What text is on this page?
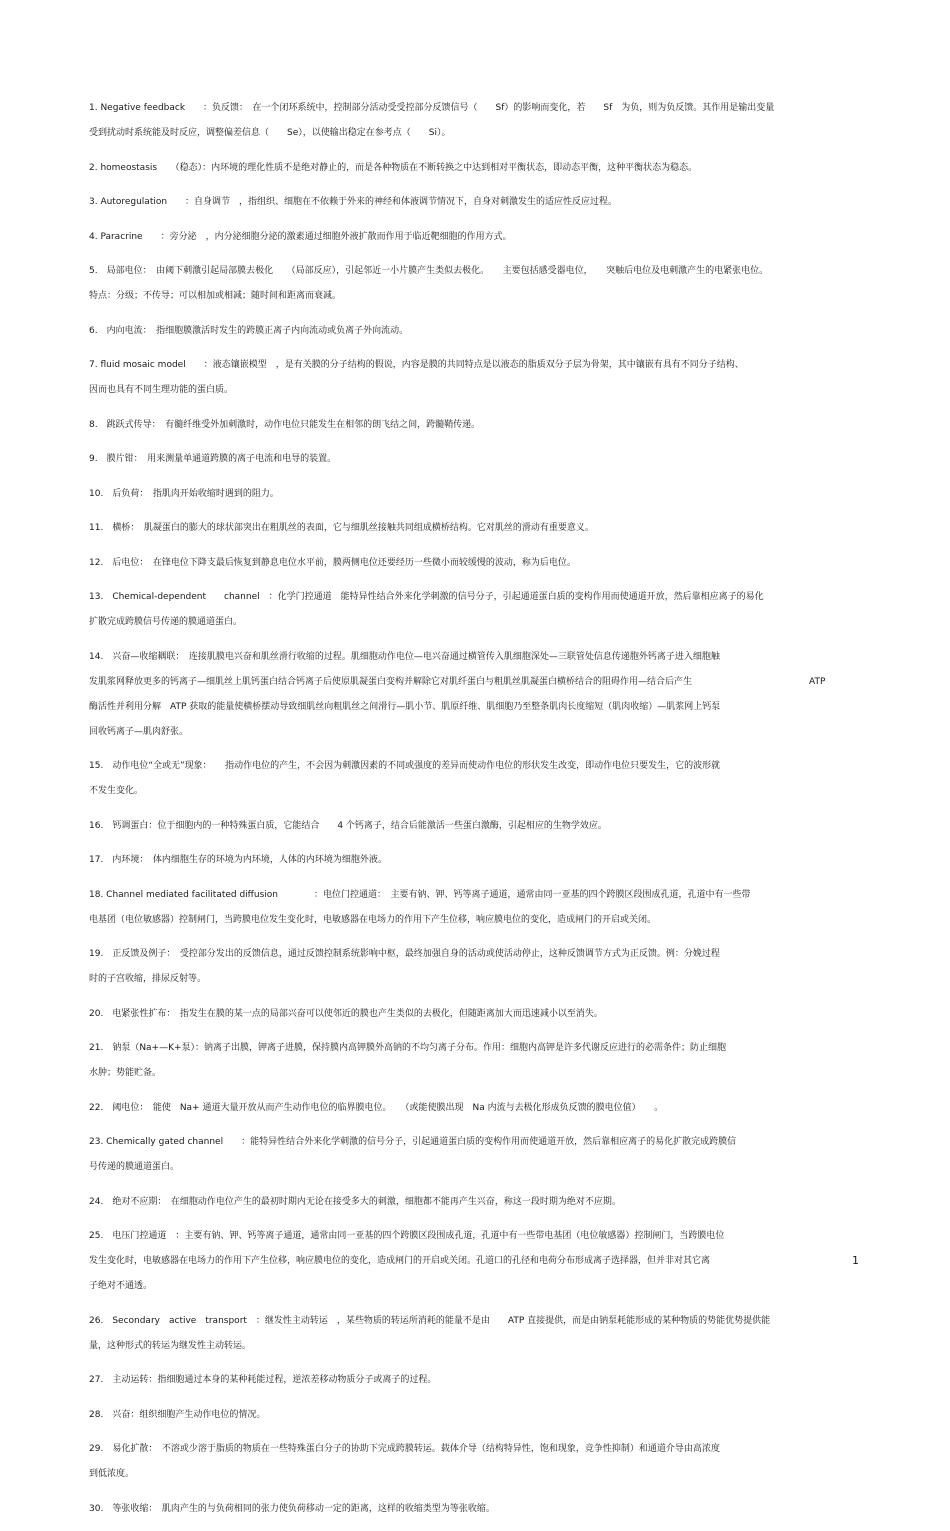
1. Negative feedback　　：负反馈：　在一个闭环系统中，控制部分活动受受控部分反馈信号（　　Sf）的影响而变化，若　　Sf　为负，则为负反馈。其作用是输出变量
受到扰动时系统能及时反应，调整偏差信息（　　Se），以使输出稳定在参考点（　　Si）。
2. homeostasis　　（稳态）：内环境的理化性质不是绝对静止的，而是各种物质在不断转换之中达到相对平衡状态，即动态平衡，这种平衡状态为稳态。
3. Autoregulation　　：自身调节　，指组织、细胞在不依赖于外来的神经和体液调节情况下，自身对刺激发生的适应性反应过程。
4. Paracrine　　：旁分泌　，内分泌细胞分泌的激素通过细胞外液扩散而作用于临近靶细胞的作用方式。
5.　局部电位：　由阈下刺激引起局部膜去极化　　（局部反应），引起邻近一小片膜产生类似去极化。　　主要包括感受器电位，　　突触后电位及电刺激产生的电紧张电位。
特点：分级；不传导；可以相加或相减；随时间和距离而衰减。
6.　内向电流：　指细胞膜激活时发生的跨膜正离子内向流动或负离子外向流动。
7. fluid mosaic model　　：液态镶嵌模型　，是有关膜的分子结构的假说，内容是膜的共同特点是以液态的脂质双分子层为骨架，其中镶嵌有具有不同分子结构、
因而也具有不同生理功能的蛋白质。
8.　跳跃式传导：　有髓纤维受外加刺激时，动作电位只能发生在相邻的朗飞结之间，跨髓鞘传递。
9.　膜片钳：　用来测量单通道跨膜的离子电流和电导的装置。
10.　后负荷：　指肌肉开始收缩时遇到的阻力。
11.　横桥：　肌凝蛋白的膨大的球状部突出在粗肌丝的表面，它与细肌丝接触共同组成横桥结构。它对肌丝的滑动有重要意义。
12.　后电位：　在锋电位下降支最后恢复到静息电位水平前，膜两侧电位还要经历一些微小而较缓慢的波动，称为后电位。
13.　Chemical-dependent　　channel　：化学门控通道　能特异性结合外来化学刺激的信号分子，引起通道蛋白质的变构作用而使通道开放，然后靠相应离子的易化
扩散完成跨膜信号传递的膜通道蛋白。
14.　兴奋—收缩耦联：　连接肌膜电兴奋和肌丝滑行收缩的过程。肌细胞动作电位—电兴奋通过横管传入肌细胞深处—三联管处信息传递胞外钙离子进入细胞触
发肌浆网释放更多的钙离子—细肌丝上肌钙蛋白结合钙离子后使原肌凝蛋白变构并解除它对肌纤蛋白与粗肌丝肌凝蛋白横桥结合的阻碍作用—结合后产生　　　　　　　　　　　　　ATP
酶活性并利用分解　ATP 获取的能量使横桥摆动导致细肌丝向粗肌丝之间滑行—肌小节、肌原纤维、肌细胞乃至整条肌肉长度缩短（肌肉收缩）—肌浆网上钙泵
回收钙离子—肌肉舒张。
15.　动作电位“全或无”现象：　　指动作电位的产生，不会因为刺激因素的不同或强度的差异而使动作电位的形状发生改变，即动作电位只要发生，它的波形就
不发生变化。
16.　钙调蛋白：位于细胞内的一种特殊蛋白质，它能结合　　4 个钙离子，结合后能激活一些蛋白激酶，引起相应的生物学效应。
17.　内环境：　体内细胞生存的环境为内环境，人体的内环境为细胞外液。
18. Channel mediated facilitated diffusion　　　　：电位门控通道：　主要有钠、钾、钙等离子通道，通常由同一亚基的四个跨膜区段围成孔道，孔道中有一些带
电基团（电位敏感器）控制闸门，当跨膜电位发生变化时，电敏感器在电场力的作用下产生位移，响应膜电位的变化，造成闸门的开启或关闭。
19.　正反馈及例子：　受控部分发出的反馈信息，通过反馈控制系统影响中枢，最终加强自身的活动或使活动停止，这种反馈调节方式为正反馈。例：分娩过程
时的子宫收缩，排尿反射等。
20.　电紧张性扩布：　指发生在膜的某一点的局部兴奋可以使邻近的膜也产生类似的去极化，但随距离加大而迅速减小以至消失。
21.　钠泵（Na+—K+泵）：钠离子出膜，钾离子进膜，保持膜内高钾膜外高钠的不均匀离子分布。作用：细胞内高钾是许多代谢反应进行的必需条件；防止细胞
水肿；势能贮备。
22.　阈电位：　能使　Na+ 通道大量开放从而产生动作电位的临界膜电位。　　（或能使膜出现　Na 内流与去极化形成负反馈的膜电位值）　　。
23. Chemically gated channel　　：能特异性结合外来化学刺激的信号分子，引起通道蛋白质的变构作用而使通道开放，然后靠相应离子的易化扩散完成跨膜信
号传递的膜通道蛋白。
24.　绝对不应期：　在细胞动作电位产生的最初时期内无论在接受多大的刺激，细胞都不能再产生兴奋，称这一段时期为绝对不应期。
25.　电压门控通道　：主要有钠、钾、钙等离子通道，通常由同一亚基的四个跨膜区段围成孔道，孔道中有一些带电基团（电位敏感器）控制闸门，当跨膜电位
发生变化时，电敏感器在电场力的作用下产生位移，响应膜电位的变化，造成闸门的开启或关闭。孔道口的孔径和电荷分布形成离子选择器，但并非对其它离
子绝对不通透。
26.　Secondary　active　transport　：继发性主动转运　，某些物质的转运所消耗的能量不是由　　ATP 直接提供，而是由钠泵耗能形成的某种物质的势能优势提供能
量，这种形式的转运为继发性主动转运。
27.　主动运转：指细胞通过本身的某种耗能过程，逆浓差移动物质分子或离子的过程。
28.　兴奋：组织细胞产生动作电位的情况。
29.　易化扩散：　不溶或少溶于脂质的物质在一些特殊蛋白分子的协助下完成跨膜转运。载体介导（结构特异性，饱和现象，竞争性抑制）和通道介导由高浓度
到低浓度。
30.　等张收缩：　肌肉产生的与负荷相同的张力使负荷移动一定的距离，这样的收缩类型为等张收缩。
1
